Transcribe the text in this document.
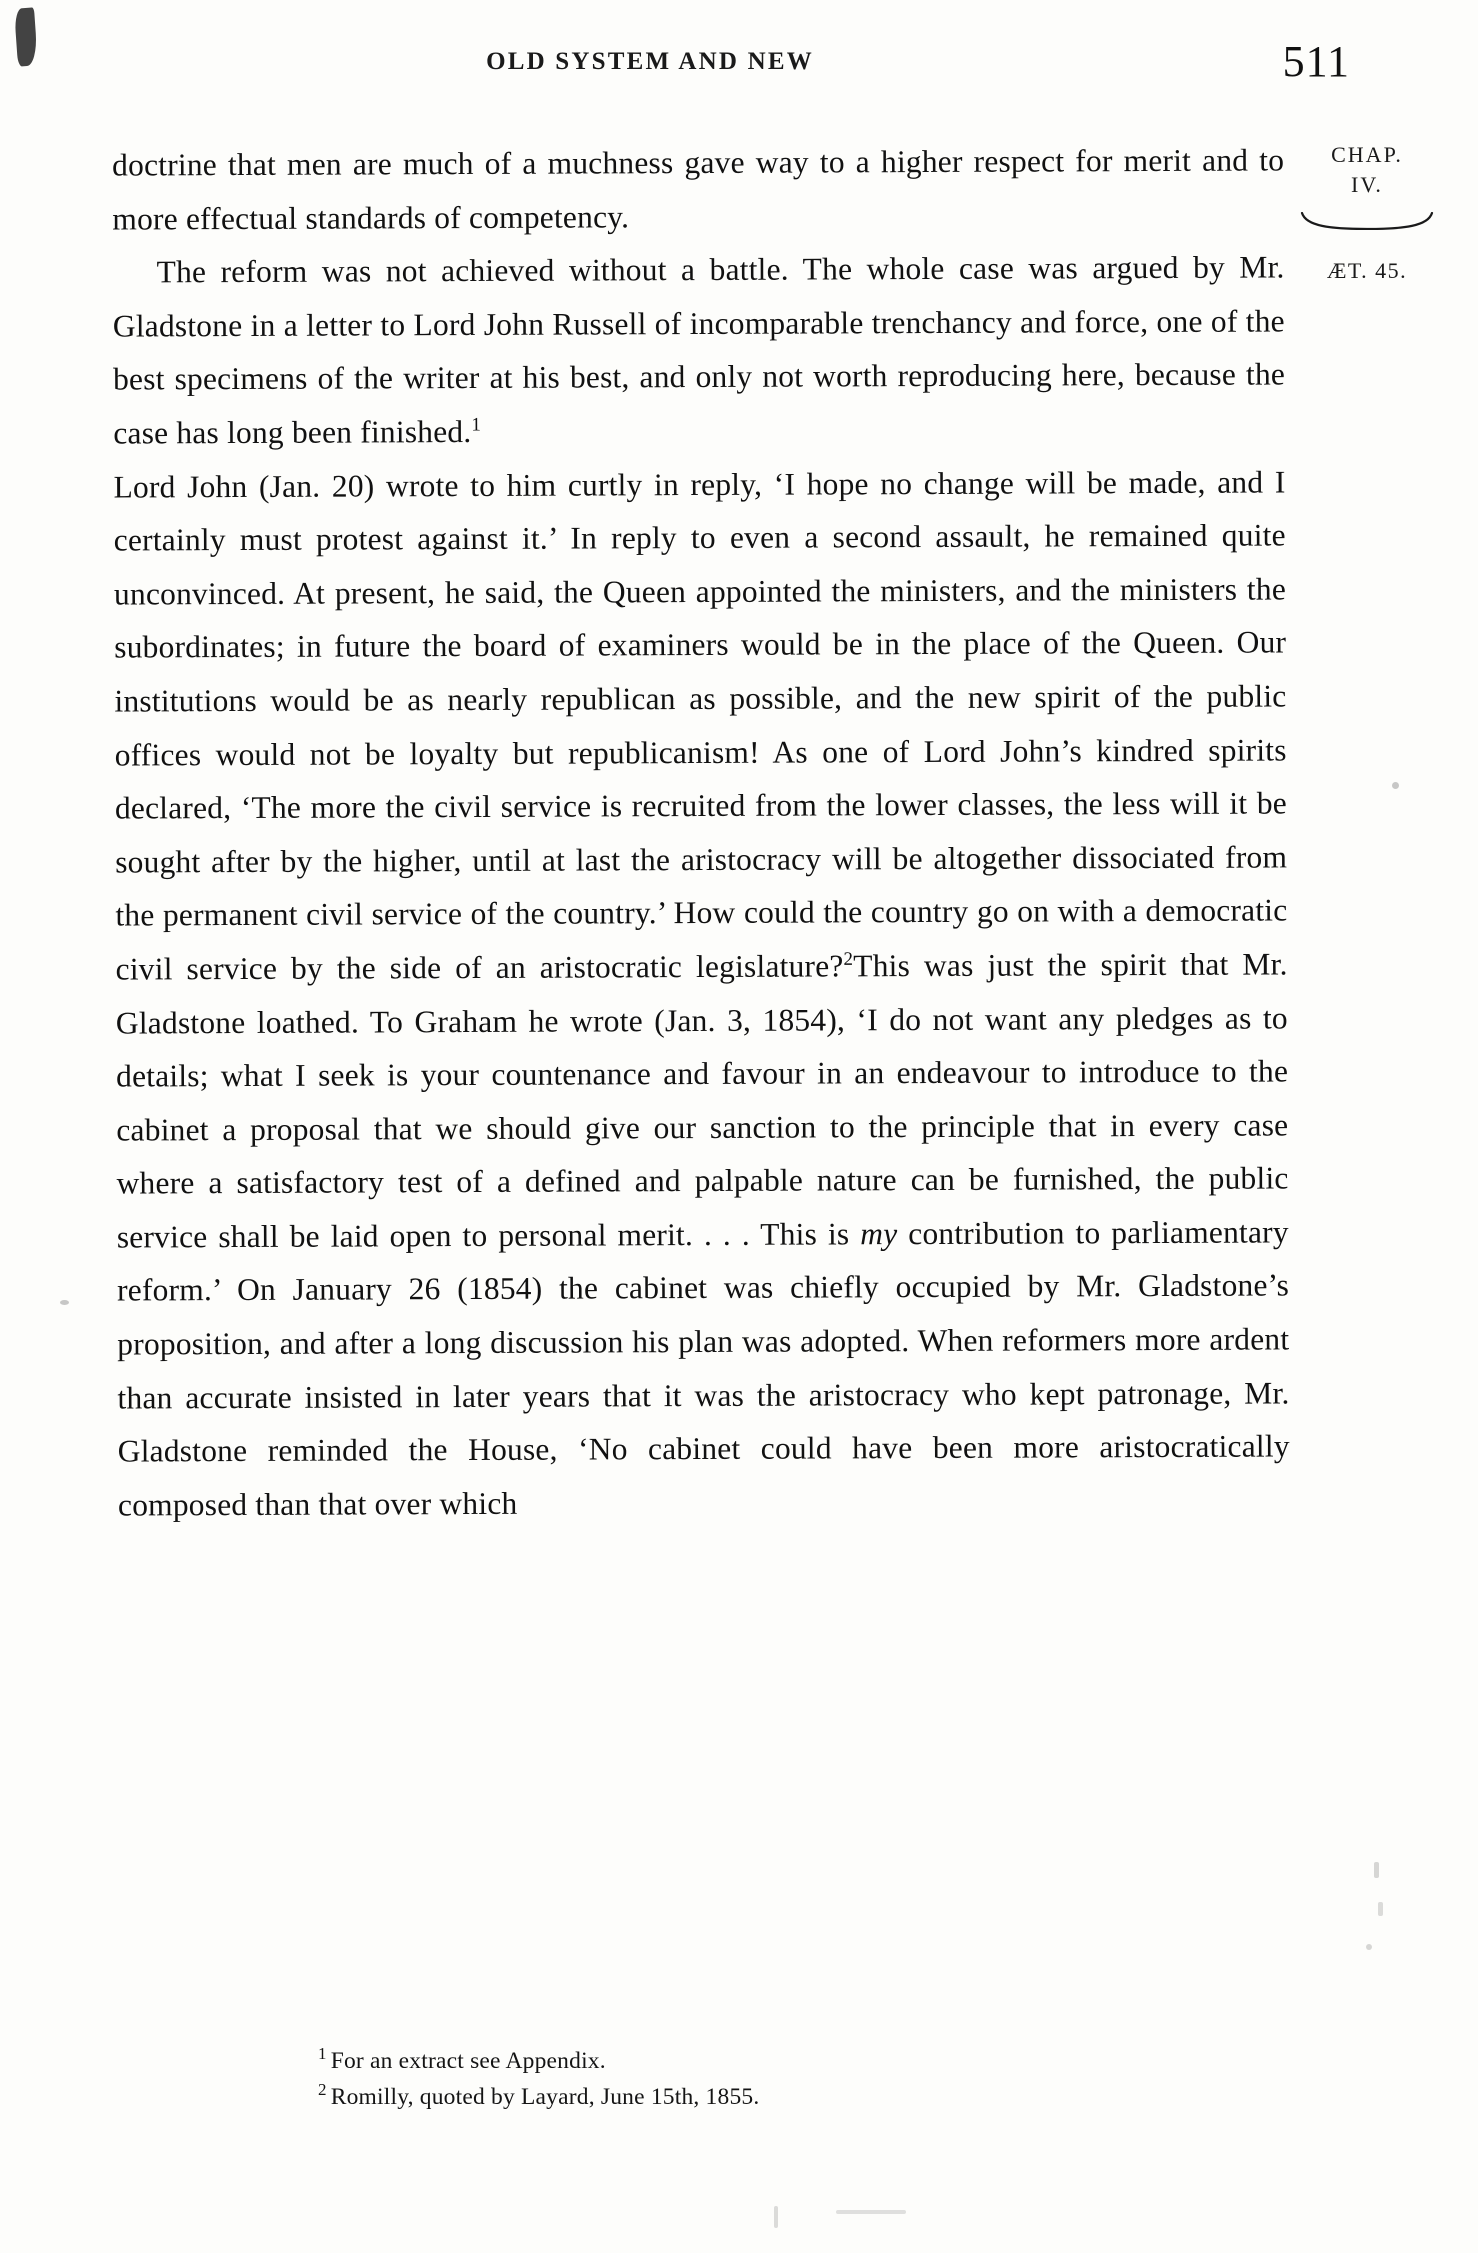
OLD SYSTEM AND NEW	511
CHAP.
IV.
ÆT. 45.

doctrine that men are much of a muchness gave way to a higher respect for merit and to more effectual standards of competency.

The reform was not achieved without a battle. The whole case was argued by Mr. Gladstone in a letter to Lord John Russell of incomparable trenchancy and force, one of the best specimens of the writer at his best, and only not worth reproducing here, because the case has long been finished.$^1$

Lord John (Jan. 20) wrote to him curtly in reply, ‘I hope no change will be made, and I certainly must protest against it.’ In reply to even a second assault, he remained quite unconvinced. At present, he said, the Queen appointed the ministers, and the ministers the subordinates; in future the board of examiners would be in the place of the Queen. Our institutions would be as nearly republican as possible, and the new spirit of the public offices would not be loyalty but republicanism! As one of Lord John’s kindred spirits declared, ‘The more the civil service is recruited from the lower classes, the less will it be sought after by the higher, until at last the aristocracy will be altogether dissociated from the permanent civil service of the country.’ How could the country go on with a democratic civil service by the side of an aristocratic legislature?$^2$This was just the spirit that Mr. Gladstone loathed. To Graham he wrote (Jan. 3, 1854), ‘I do not want any pledges as to details; what I seek is your countenance and favour in an endeavour to introduce to the cabinet a proposal that we should give our sanction to the principle that in every case where a satisfactory test of a defined and palpable nature can be furnished, the public service shall be laid open to personal merit. . . . This is my contribution to parliamentary reform.’ On January 26 (1854) the cabinet was chiefly occupied by Mr. Gladstone’s proposition, and after a long discussion his plan was adopted. When reformers more ardent than accurate insisted in later years that it was the aristocracy who kept patronage, Mr. Gladstone reminded the House, ‘No cabinet could have been more aristocratically composed than that over which

$^1$ For an extract see Appendix.
$^2$ Romilly, quoted by Layard, June 15th, 1855.
